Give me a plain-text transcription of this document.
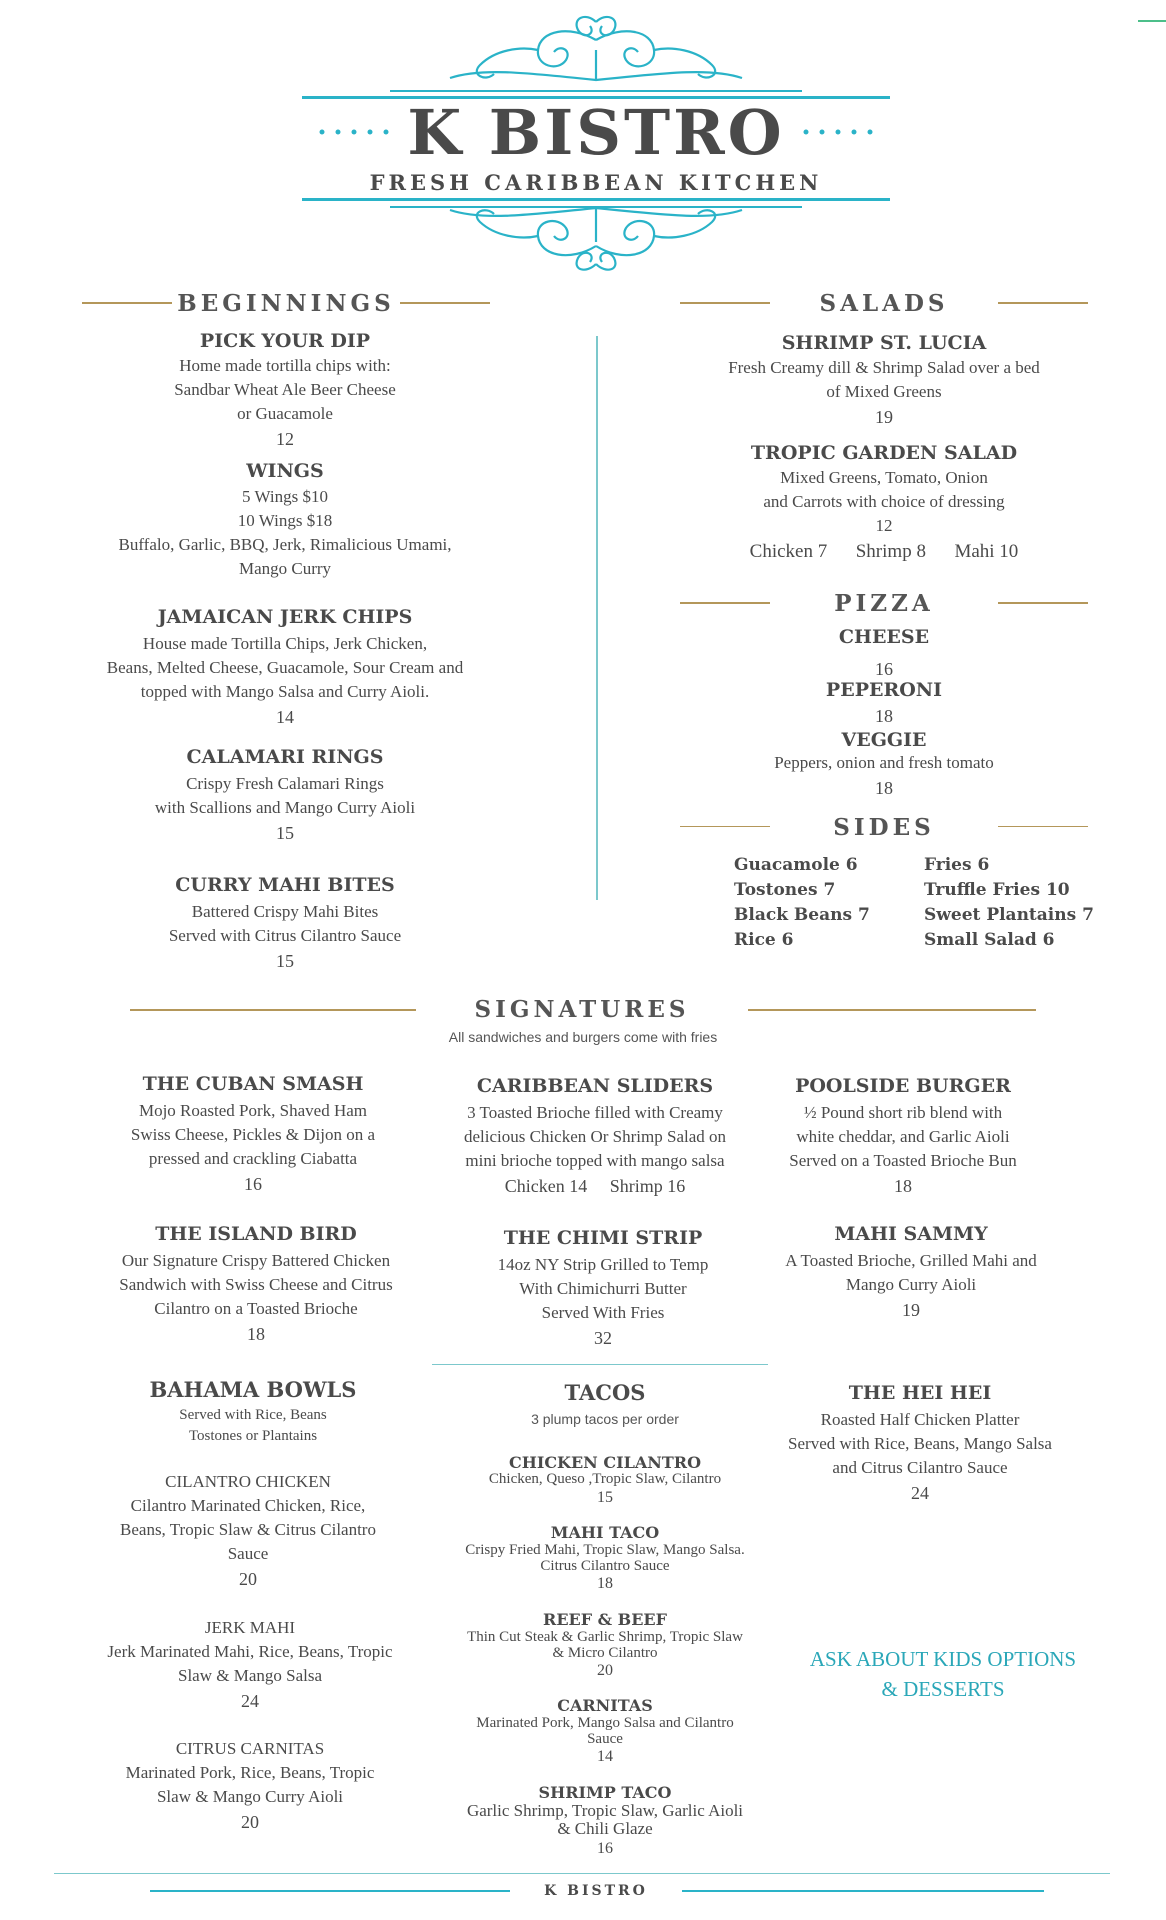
K BISTRO
FRESH CARIBBEAN KITCHEN
BEGINNINGS
PICK YOUR DIP
Home made tortilla chips with:
Sandbar Wheat Ale Beer Cheese
or Guacamole
12
WINGS
5 Wings $10
10 Wings $18
Buffalo, Garlic, BBQ, Jerk, Rimalicious Umami,
Mango Curry
JAMAICAN JERK CHIPS
House made Tortilla Chips, Jerk Chicken,
Beans, Melted Cheese, Guacamole, Sour Cream and
topped with Mango Salsa and Curry Aioli.
14
CALAMARI RINGS
Crispy Fresh Calamari Rings
with Scallions and Mango Curry Aioli
15
CURRY MAHI BITES
Battered Crispy Mahi Bites
Served with Citrus Cilantro Sauce
15
SALADS
SHRIMP ST. LUCIA
Fresh Creamy dill & Shrimp Salad over a bed
of Mixed Greens
19
TROPIC GARDEN SALAD
Mixed Greens, Tomato, Onion
and Carrots with choice of dressing
12
Chicken 7      Shrimp 8      Mahi 10
PIZZA
CHEESE
16
PEPERONI
18
VEGGIE
Peppers, onion and fresh tomato
18
SIDES
Guacamole 6
Tostones 7
Black Beans 7
Rice 6
Fries 6
Truffle Fries 10
Sweet Plantains 7
Small Salad 6
SIGNATURES
All sandwiches and burgers come with fries
THE CUBAN SMASH
Mojo Roasted Pork, Shaved Ham
Swiss Cheese, Pickles & Dijon on a
pressed and crackling Ciabatta
16
CARIBBEAN SLIDERS
3 Toasted Brioche filled with Creamy
delicious Chicken Or Shrimp Salad on
mini brioche topped with mango salsa
Chicken 14     Shrimp 16
POOLSIDE BURGER
½ Pound short rib blend with
white cheddar, and Garlic Aioli
Served on a Toasted Brioche Bun
18
THE ISLAND BIRD
Our Signature Crispy Battered Chicken
Sandwich with Swiss Cheese and Citrus
Cilantro on a Toasted Brioche
18
THE CHIMI STRIP
14oz NY Strip Grilled to Temp
With Chimichurri Butter
Served With Fries
32
MAHI SAMMY
A Toasted Brioche, Grilled Mahi and
Mango Curry Aioli
19
BAHAMA BOWLS
Served with Rice, Beans
Tostones or Plantains
CILANTRO CHICKEN
Cilantro Marinated Chicken, Rice,
Beans, Tropic Slaw & Citrus Cilantro
Sauce
20
JERK MAHI
Jerk Marinated Mahi, Rice, Beans, Tropic
Slaw & Mango Salsa
24
CITRUS CARNITAS
Marinated Pork, Rice, Beans, Tropic
Slaw & Mango Curry Aioli
20
TACOS
3 plump tacos per order
CHICKEN CILANTRO
Chicken, Queso ,Tropic Slaw, Cilantro
15
MAHI TACO
Crispy Fried Mahi, Tropic Slaw, Mango Salsa.
Citrus Cilantro Sauce
18
REEF & BEEF
Thin Cut Steak & Garlic Shrimp, Tropic Slaw
& Micro Cilantro
20
CARNITAS
Marinated Pork, Mango Salsa and Cilantro
Sauce
14
SHRIMP TACO
Garlic Shrimp, Tropic Slaw, Garlic Aioli
& Chili Glaze
16
THE HEI HEI
Roasted Half Chicken Platter
Served with Rice, Beans, Mango Salsa
and Citrus Cilantro Sauce
24
ASK ABOUT KIDS OPTIONS
& DESSERTS
K BISTRO
